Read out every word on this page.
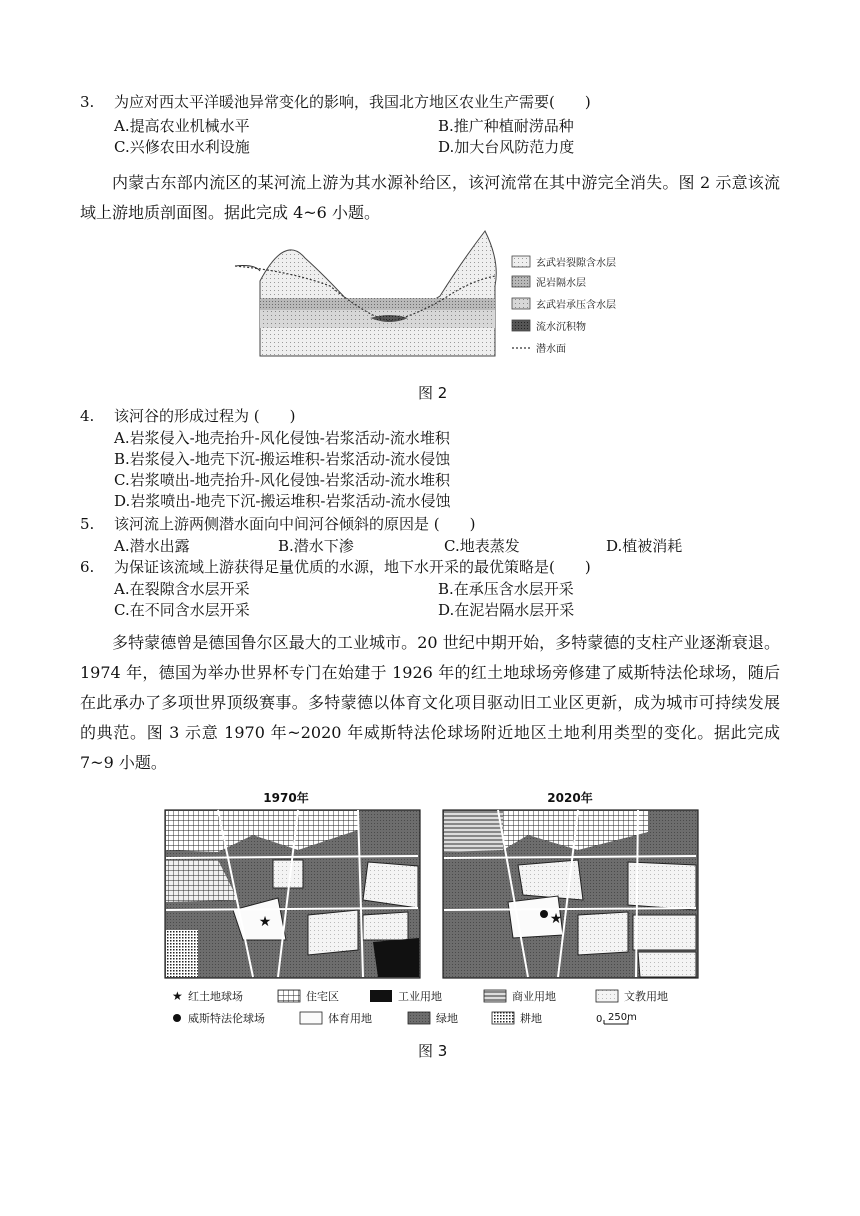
3. 为应对西太平洋暖池异常变化的影响，我国北方地区农业生产需要(　　)
A.提高农业机械水平	B.推广种植耐涝品种
C.兴修农田水利设施	D.加大台风防范力度
内蒙古东部内流区的某河流上游为其水源补给区，该河流常在其中游完全消失。图 2 示意该流域上游地质剖面图。据此完成 4~6 小题。
玄武岩裂隙含水层
泥岩隔水层
玄武岩承压含水层
流水沉积物
潜水面
图 2
4. 该河谷的形成过程为 (　　)
A.岩浆侵入-地壳抬升-风化侵蚀-岩浆活动-流水堆积
B.岩浆侵入-地壳下沉-搬运堆积-岩浆活动-流水侵蚀
C.岩浆喷出-地壳抬升-风化侵蚀-岩浆活动-流水堆积
D.岩浆喷出-地壳下沉-搬运堆积-岩浆活动-流水侵蚀
5. 该河流上游两侧潜水面向中间河谷倾斜的原因是 (　　)
A.潜水出露	B.潜水下渗	C.地表蒸发	D.植被消耗
6. 为保证该流域上游获得足量优质的水源，地下水开采的最优策略是(　　)
A.在裂隙含水层开采	B.在承压含水层开采
C.在不同含水层开采	D.在泥岩隔水层开采
多特蒙德曾是德国鲁尔区最大的工业城市。20 世纪中期开始，多特蒙德的支柱产业逐渐衰退。1974 年，德国为举办世界杯专门在始建于 1926 年的红土地球场旁修建了威斯特法伦球场，随后在此承办了多项世界顶级赛事。多特蒙德以体育文化项目驱动旧工业区更新，成为城市可持续发展的典范。图 3 示意 1970 年~2020 年威斯特法伦球场附近地区土地利用类型的变化。据此完成 7~9 小题。
1970年	2020年
★	★
★ 红土地球场	住宅区	工业用地	商业用地	文教用地
威斯特法伦球场	体育用地	绿地	耕地	0 250m
图 3
